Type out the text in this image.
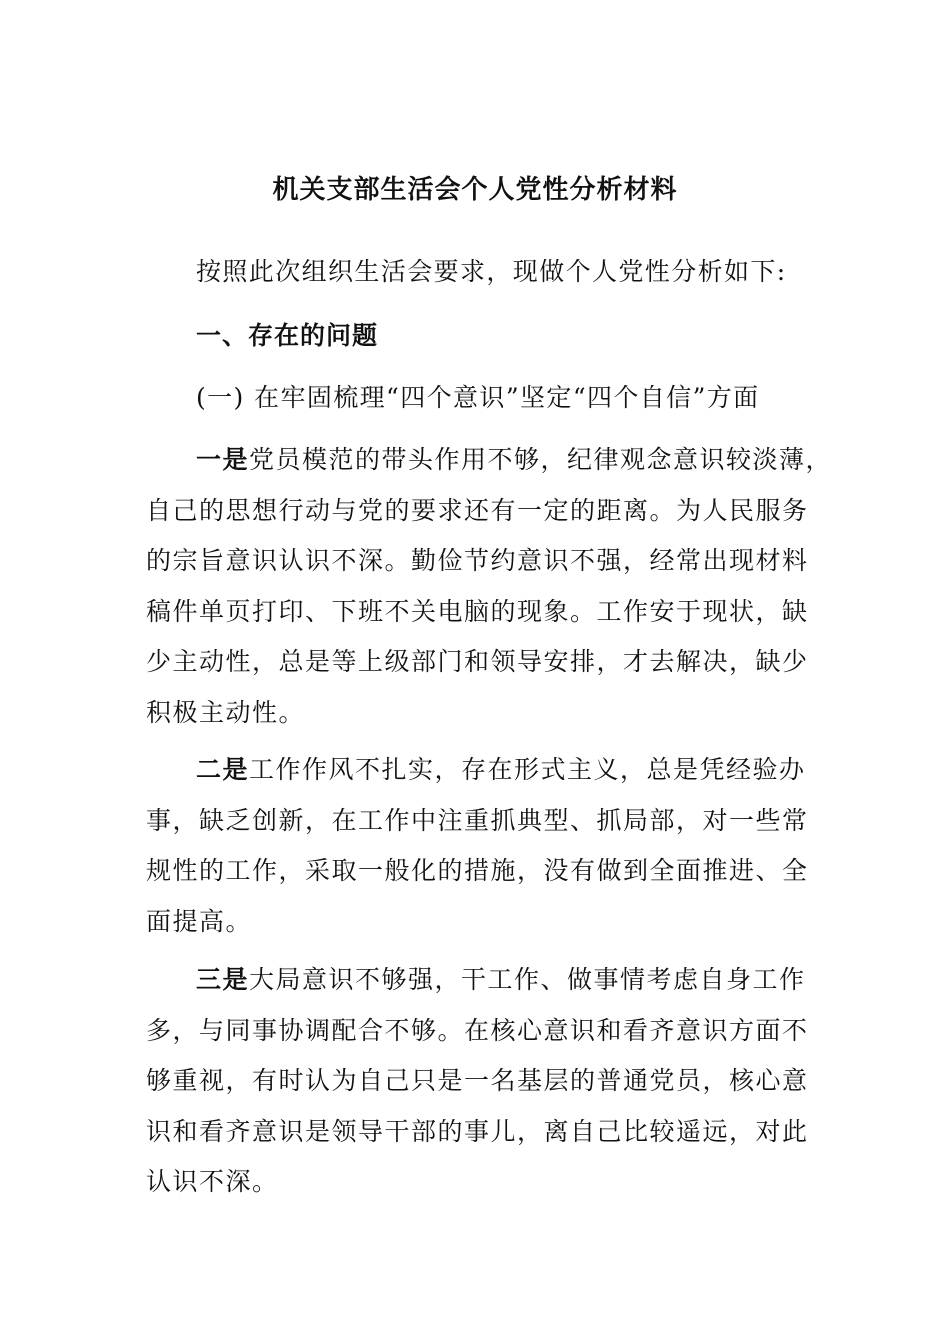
机关支部生活会个人党性分析材料
按照此次组织生活会要求，现做个人党性分析如下:
一、存在的问题
(一) 在牢固梳理“四个意识”坚定“四个自信”方面
一是党员模范的带头作用不够，纪律观念意识较淡薄，
自己的思想行动与党的要求还有一定的距离。为人民服务
的宗旨意识认识不深。勤俭节约意识不强，经常出现材料
稿件单页打印、下班不关电脑的现象。工作安于现状，缺
少主动性，总是等上级部门和领导安排，才去解决，缺少
积极主动性。
二是工作作风不扎实，存在形式主义，总是凭经验办
事，缺乏创新，在工作中注重抓典型、抓局部，对一些常
规性的工作，采取一般化的措施，没有做到全面推进、全
面提高。
三是大局意识不够强，干工作、做事情考虑自身工作
多，与同事协调配合不够。在核心意识和看齐意识方面不
够重视，有时认为自己只是一名基层的普通党员，核心意
识和看齐意识是领导干部的事儿，离自己比较遥远，对此
认识不深。
